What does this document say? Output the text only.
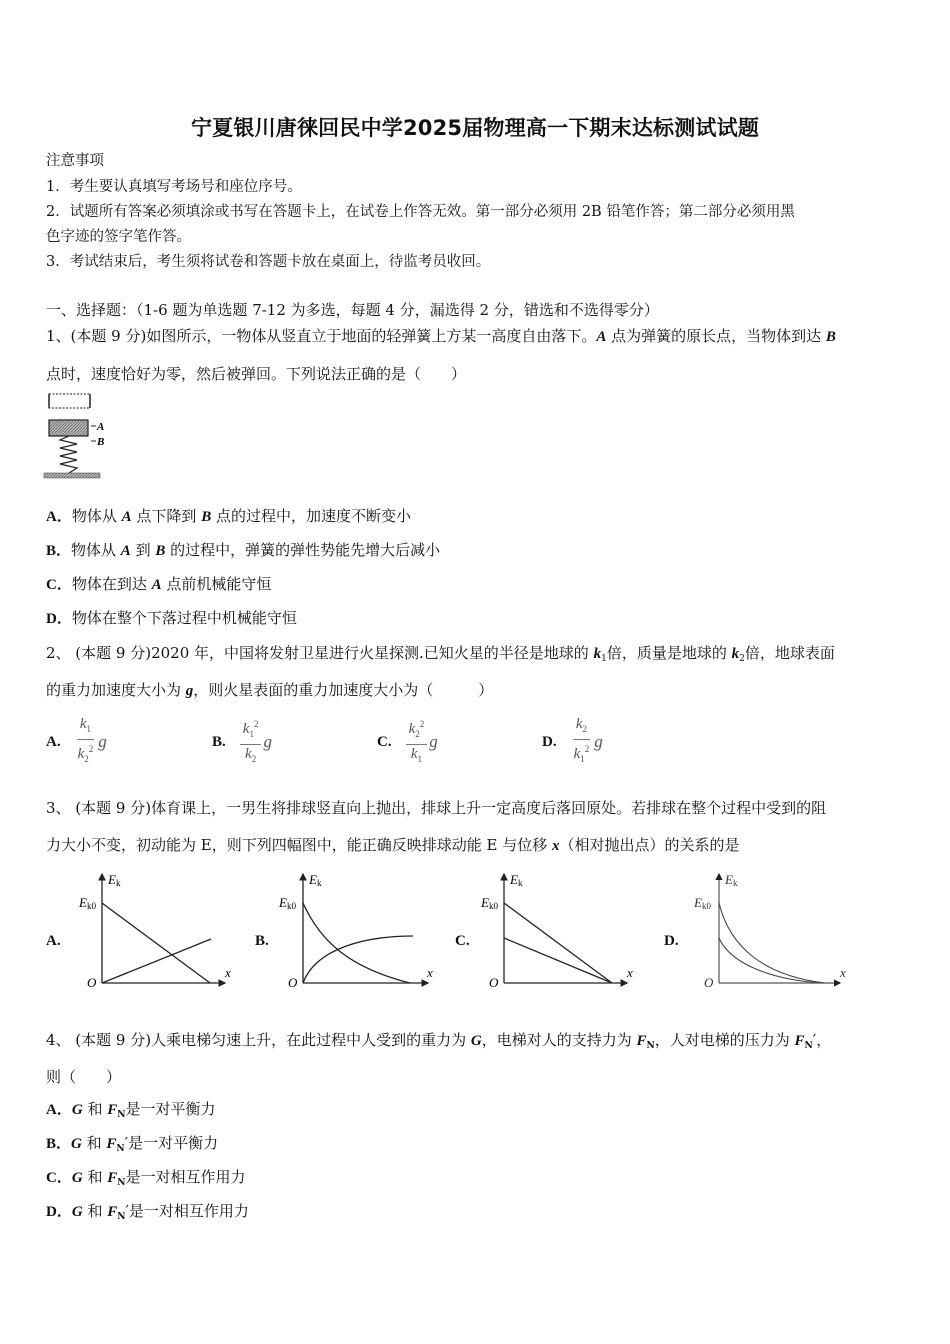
宁夏银川唐徕回民中学2025届物理高一下期末达标测试试题
注意事项
1．考生要认真填写考场号和座位序号。
2．试题所有答案必须填涂或书写在答题卡上，在试卷上作答无效。第一部分必须用 2B 铅笔作答；第二部分必须用黑
色字迹的签字笔作答。
3．考试结束后，考生须将试卷和答题卡放在桌面上，待监考员收回。
一、选择题：（1-6 题为单选题 7-12 为多选，每题 4 分，漏选得 2 分，错选和不选得零分）
1、(本题 9 分)如图所示，一物体从竖直立于地面的轻弹簧上方某一高度自由落下。A 点为弹簧的原长点，当物体到达 B
点时，速度恰好为零，然后被弹回。下列说法正确的是（　　）
A
B
A．物体从 A 点下降到 B 点的过程中，加速度不断变小
B．物体从 A 到 B 的过程中，弹簧的弹性势能先增大后减小
C．物体在到达 A 点前机械能守恒
D．物体在整个下落过程中机械能守恒
2、 (本题 9 分)2020 年，中国将发射卫星进行火星探测.已知火星的半径是地球的 $k_1$倍，质量是地球的 $k_2$倍，地球表面
的重力加速度大小为 g，则火星表面的重力加速度大小为（　　　）
A. $\frac{k_1}{k_2^2}$ g	B. $\frac{k_1^2}{k_2}$ g	C. $\frac{k_2^2}{k_1}$ g	D. $\frac{k_2}{k_1^2}$ g
3、 (本题 9 分)体育课上，一男生将排球竖直向上抛出，排球上升一定高度后落回原处。若排球在整个过程中受到的阻
力大小不变，初动能为 E，则下列四幅图中，能正确反映排球动能 E 与位移 x（相对抛出点）的关系的是
A.	B.	C.	D.
Ek
Ek0
O
x
Ek
Ek0
O
x
Ek
Ek0
O
x
Ek
Ek0
O
x
4、 (本题 9 分)人乘电梯匀速上升，在此过程中人受到的重力为 G，电梯对人的支持力为 $F_N$，人对电梯的压力为 $F_N'$，
则（　　）
A．G 和 $F_N$是一对平衡力
B．G 和 $F_N'$是一对平衡力
C．G 和 $F_N$是一对相互作用力
D．G 和 $F_N'$是一对相互作用力
